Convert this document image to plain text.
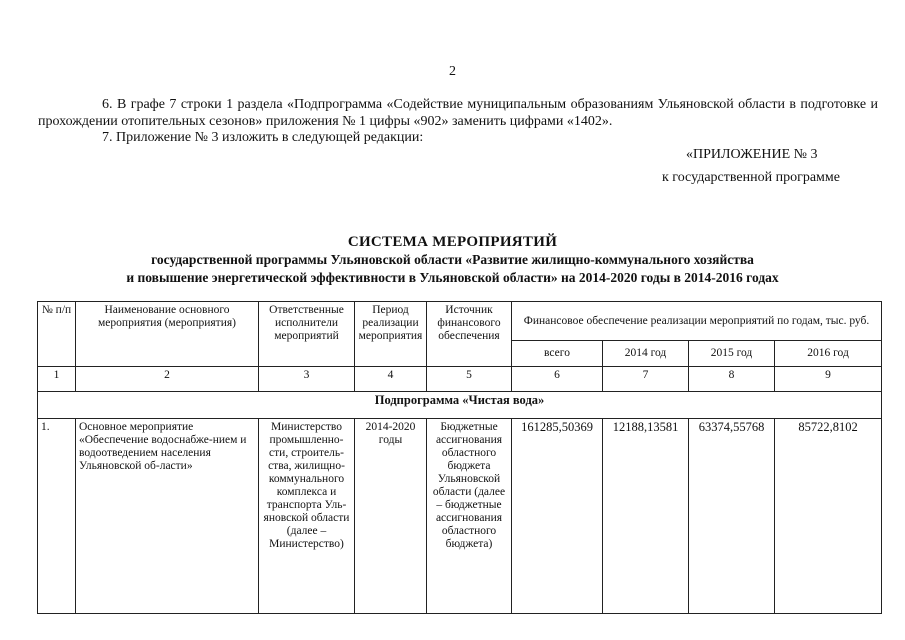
2
6. В графе 7 строки 1 раздела «Подпрограмма «Содействие муниципальным образованиям Ульяновской области в подготовке и прохождении отопительных сезонов» приложения № 1 цифры «902» заменить цифрами «1402».
7. Приложение № 3 изложить в следующей редакции:
«ПРИЛОЖЕНИЕ № 3
к государственной программе
СИСТЕМА МЕРОПРИЯТИЙ
государственной программы Ульяновской области «Развитие жилищно-коммунального хозяйства
и повышение энергетической эффективности в Ульяновской области» на 2014-2020 годы в 2014-2016 годах
№ п/п	Наименование основного мероприятия (мероприятия)	Ответственные исполнители мероприятий	Период реализации мероприятия	Источник финансового обеспечения	Финансовое обеспечение реализации мероприятий по годам, тыс. руб.			
					всего	2014 год	2015 год	2016 год
1	2	3	4	5	6	7	8	9
Подпрограмма «Чистая вода»								
1.	Основное мероприятие «Обеспечение водоснабже-нием и водоотведением населения Ульяновской об-ласти»	Министерство промышленно-сти, строитель-ства, жилищно-коммунального комплекса и транспорта Уль-яновской области (далее – Министерство)	2014-2020 годы	Бюджетные ассигнования областного бюджета Ульяновской области (далее – бюджетные ассигнования областного бюджета)	161285,50369	12188,13581	63374,55768	85722,8102
